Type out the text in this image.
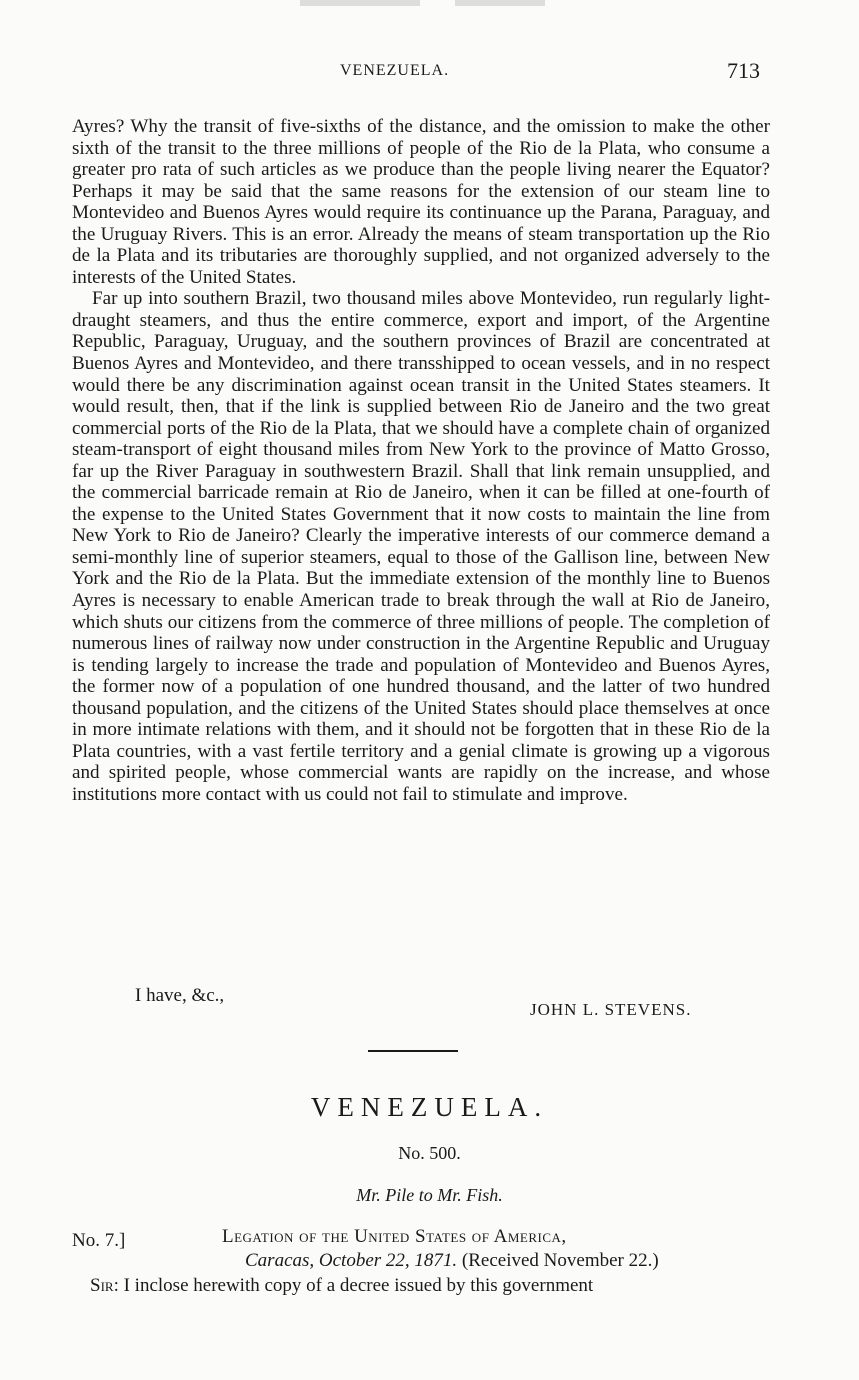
VENEZUELA.	713

Ayres? Why the transit of five-sixths of the distance, and the omission to make the other sixth of the transit to the three millions of people of the Rio de la Plata, who consume a greater pro rata of such articles as we produce than the people living nearer the Equator? Perhaps it may be said that the same reasons for the extension of our steam line to Montevideo and Buenos Ayres would require its continuance up the Parana, Paraguay, and the Uruguay Rivers. This is an error. Already the means of steam transportation up the Rio de la Plata and its tributaries are thoroughly supplied, and not organized adversely to the interests of the United States.

Far up into southern Brazil, two thousand miles above Montevideo, run regularly light-draught steamers, and thus the entire commerce, export and import, of the Argentine Republic, Paraguay, Uruguay, and the southern provinces of Brazil are concentrated at Buenos Ayres and Montevideo, and there transshipped to ocean vessels, and in no respect would there be any discrimination against ocean transit in the United States steamers. It would result, then, that if the link is supplied between Rio de Janeiro and the two great commercial ports of the Rio de la Plata, that we should have a complete chain of organized steam-transport of eight thousand miles from New York to the province of Matto Grosso, far up the River Paraguay in southwestern Brazil. Shall that link remain unsupplied, and the commercial barricade remain at Rio de Janeiro, when it can be filled at one-fourth of the expense to the United States Government that it now costs to maintain the line from New York to Rio de Janeiro? Clearly the imperative interests of our commerce demand a semi-monthly line of superior steamers, equal to those of the Gallison line, between New York and the Rio de la Plata. But the immediate extension of the monthly line to Buenos Ayres is necessary to enable American trade to break through the wall at Rio de Janeiro, which shuts our citizens from the commerce of three millions of people. The completion of numerous lines of railway now under construction in the Argentine Republic and Uruguay is tending largely to increase the trade and population of Montevideo and Buenos Ayres, the former now of a population of one hundred thousand, and the latter of two hundred thousand population, and the citizens of the United States should place themselves at once in more intimate relations with them, and it should not be forgotten that in these Rio de la Plata countries, with a vast fertile territory and a genial climate is growing up a vigorous and spirited people, whose commercial wants are rapidly on the increase, and whose institutions more contact with us could not fail to stimulate and improve.

I have, &c.,
JOHN L. STEVENS.
VENEZUELA.
No. 500.
Mr. Pile to Mr. Fish.
No. 7.]	Legation of the United States of America,
Caracas, October 22, 1871. (Received November 22.)
Sir: I inclose herewith copy of a decree issued by this government
